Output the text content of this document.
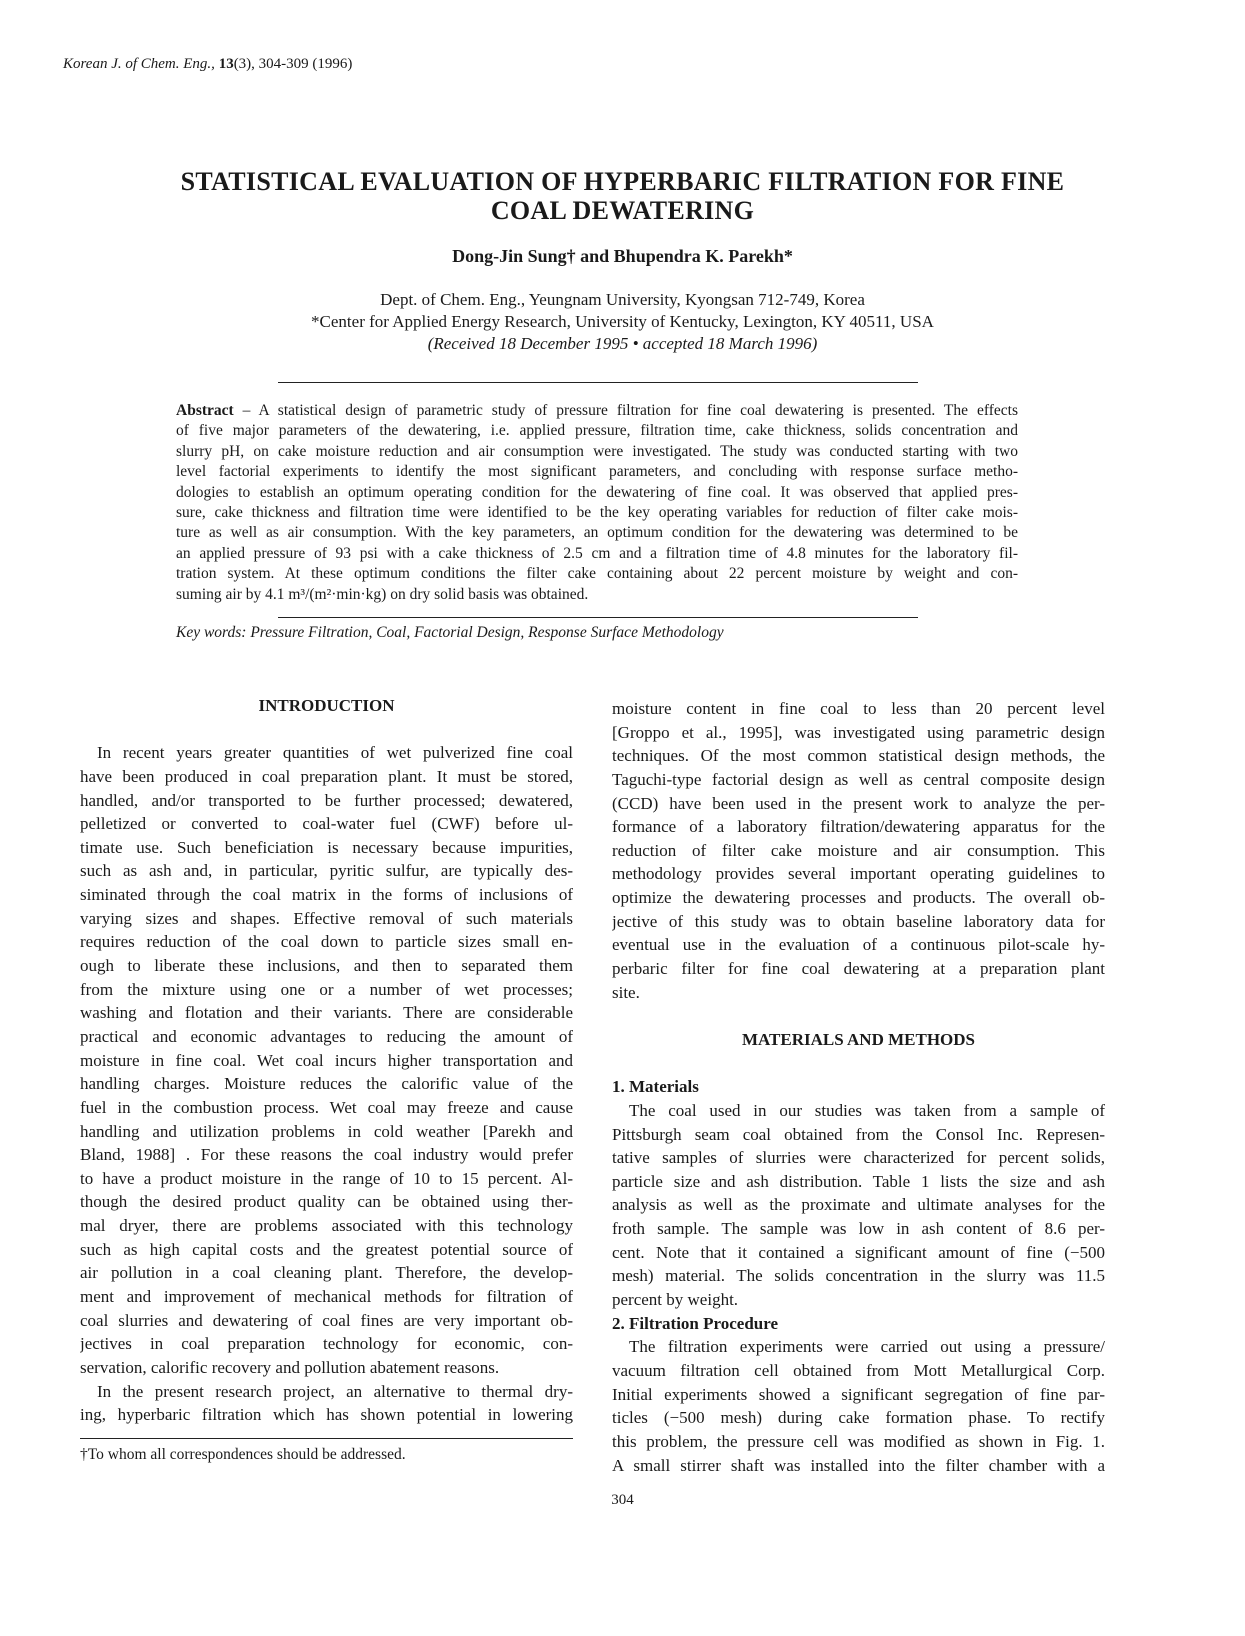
Korean J. of Chem. Eng., 13(3), 304-309 (1996)
STATISTICAL EVALUATION OF HYPERBARIC FILTRATION FOR FINE
COAL DEWATERING
Dong-Jin Sung† and Bhupendra K. Parekh*
Dept. of Chem. Eng., Yeungnam University, Kyongsan 712-749, Korea
*Center for Applied Energy Research, University of Kentucky, Lexington, KY 40511, USA
(Received 18 December 1995 • accepted 18 March 1996)
Abstract – A statistical design of parametric study of pressure filtration for fine coal dewatering is presented. The effects
of five major parameters of the dewatering, i.e. applied pressure, filtration time, cake thickness, solids concentration and
slurry pH, on cake moisture reduction and air consumption were investigated. The study was conducted starting with two
level factorial experiments to identify the most significant parameters, and concluding with response surface metho-
dologies to establish an optimum operating condition for the dewatering of fine coal. It was observed that applied pres-
sure, cake thickness and filtration time were identified to be the key operating variables for reduction of filter cake mois-
ture as well as air consumption. With the key parameters, an optimum condition for the dewatering was determined to be
an applied pressure of 93 psi with a cake thickness of 2.5 cm and a filtration time of 4.8 minutes for the laboratory fil-
tration system. At these optimum conditions the filter cake containing about 22 percent moisture by weight and con-
suming air by 4.1 m³/(m²·min·kg) on dry solid basis was obtained.
Key words: Pressure Filtration, Coal, Factorial Design, Response Surface Methodology
INTRODUCTION
In recent years greater quantities of wet pulverized fine coal
have been produced in coal preparation plant. It must be stored,
handled, and/or transported to be further processed; dewatered,
pelletized or converted to coal-water fuel (CWF) before ul-
timate use. Such beneficiation is necessary because impurities,
such as ash and, in particular, pyritic sulfur, are typically des-
siminated through the coal matrix in the forms of inclusions of
varying sizes and shapes. Effective removal of such materials
requires reduction of the coal down to particle sizes small en-
ough to liberate these inclusions, and then to separated them
from the mixture using one or a number of wet processes;
washing and flotation and their variants. There are considerable
practical and economic advantages to reducing the amount of
moisture in fine coal. Wet coal incurs higher transportation and
handling charges. Moisture reduces the calorific value of the
fuel in the combustion process. Wet coal may freeze and cause
handling and utilization problems in cold weather [Parekh and
Bland, 1988] . For these reasons the coal industry would prefer
to have a product moisture in the range of 10 to 15 percent. Al-
though the desired product quality can be obtained using ther-
mal dryer, there are problems associated with this technology
such as high capital costs and the greatest potential source of
air pollution in a coal cleaning plant. Therefore, the develop-
ment and improvement of mechanical methods for filtration of
coal slurries and dewatering of coal fines are very important ob-
jectives in coal preparation technology for economic, con-
servation, calorific recovery and pollution abatement reasons.
In the present research project, an alternative to thermal dry-
ing, hyperbaric filtration which has shown potential in lowering
moisture content in fine coal to less than 20 percent level
[Groppo et al., 1995], was investigated using parametric design
techniques. Of the most common statistical design methods, the
Taguchi-type factorial design as well as central composite design
(CCD) have been used in the present work to analyze the per-
formance of a laboratory filtration/dewatering apparatus for the
reduction of filter cake moisture and air consumption. This
methodology provides several important operating guidelines to
optimize the dewatering processes and products. The overall ob-
jective of this study was to obtain baseline laboratory data for
eventual use in the evaluation of a continuous pilot-scale hy-
perbaric filter for fine coal dewatering at a preparation plant
site.
MATERIALS AND METHODS
1. Materials
The coal used in our studies was taken from a sample of
Pittsburgh seam coal obtained from the Consol Inc. Represen-
tative samples of slurries were characterized for percent solids,
particle size and ash distribution. Table 1 lists the size and ash
analysis as well as the proximate and ultimate analyses for the
froth sample. The sample was low in ash content of 8.6 per-
cent. Note that it contained a significant amount of fine (−500
mesh) material. The solids concentration in the slurry was 11.5
percent by weight.
2. Filtration Procedure
The filtration experiments were carried out using a pressure/
vacuum filtration cell obtained from Mott Metallurgical Corp.
Initial experiments showed a significant segregation of fine par-
ticles (−500 mesh) during cake formation phase. To rectify
this problem, the pressure cell was modified as shown in Fig. 1.
A small stirrer shaft was installed into the filter chamber with a
†To whom all correspondences should be addressed.
304
